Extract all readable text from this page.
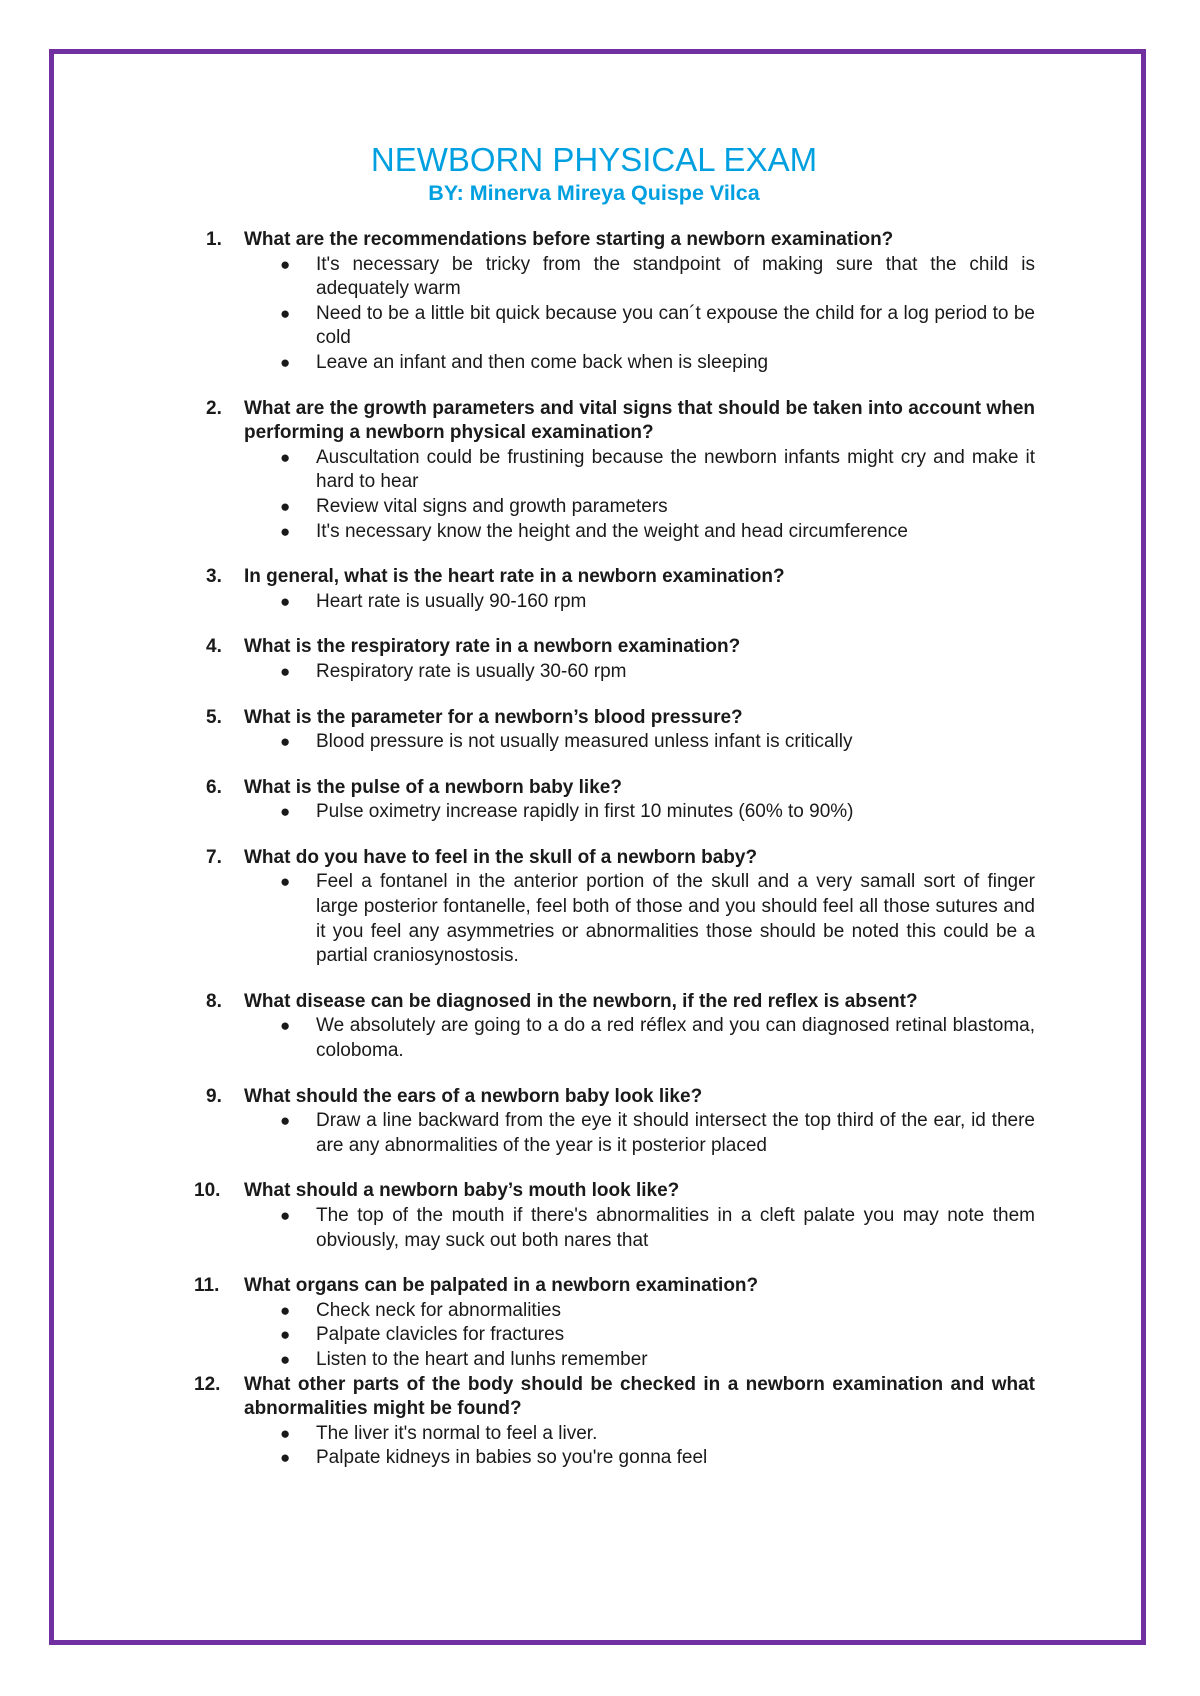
NEWBORN PHYSICAL EXAM
BY: Minerva Mireya Quispe Vilca
1. What are the recommendations before starting a newborn examination?

● It's necessary be tricky from the standpoint of making sure that the child is adequately warm
● Need to be a little bit quick because you can´t expouse the child for a log period to be cold
● Leave an infant and then come back when is sleeping
2. What are the growth parameters and vital signs that should be taken into account when performing a newborn physical examination?

● Auscultation could be frustining because the newborn infants might cry and make it hard to hear
● Review vital signs and growth parameters
● It's necessary know the height and the weight and head circumference
3. In general, what is the heart rate in a newborn examination?

● Heart rate is usually 90-160 rpm
4. What is the respiratory rate in a newborn examination?

● Respiratory rate is usually 30-60 rpm
5. What is the parameter for a newborn’s blood pressure?

● Blood pressure is not usually measured unless infant is critically
6. What is the pulse of a newborn baby like?

● Pulse oximetry increase rapidly in first 10 minutes (60% to 90%)
7. What do you have to feel in the skull of a newborn baby?

● Feel a fontanel in the anterior portion of the skull and a very samall sort of finger large posterior fontanelle, feel both of those and you should feel all those sutures and it you feel any asymmetries or abnormalities those should be noted this could be a partial craniosynostosis.
8. What disease can be diagnosed in the newborn, if the red reflex is absent?

● We absolutely are going to a do a red réflex and you can diagnosed retinal blastoma, coloboma.
9. What should the ears of a newborn baby look like?

● Draw a line backward from the eye it should intersect the top third of the ear, id there are any abnormalities of the year is it posterior placed
10. What should a newborn baby’s mouth look like?

● The top of the mouth if there's abnormalities in a cleft palate you may note them obviously, may suck out both nares that
11. What organs can be palpated in a newborn examination?

● Check neck for abnormalities
● Palpate clavicles for fractures
● Listen to the heart and lunhs remember
12. What other parts of the body should be checked in a newborn examination and what abnormalities might be found?

● The liver it's normal to feel a liver.
● Palpate kidneys in babies so you're gonna feel
